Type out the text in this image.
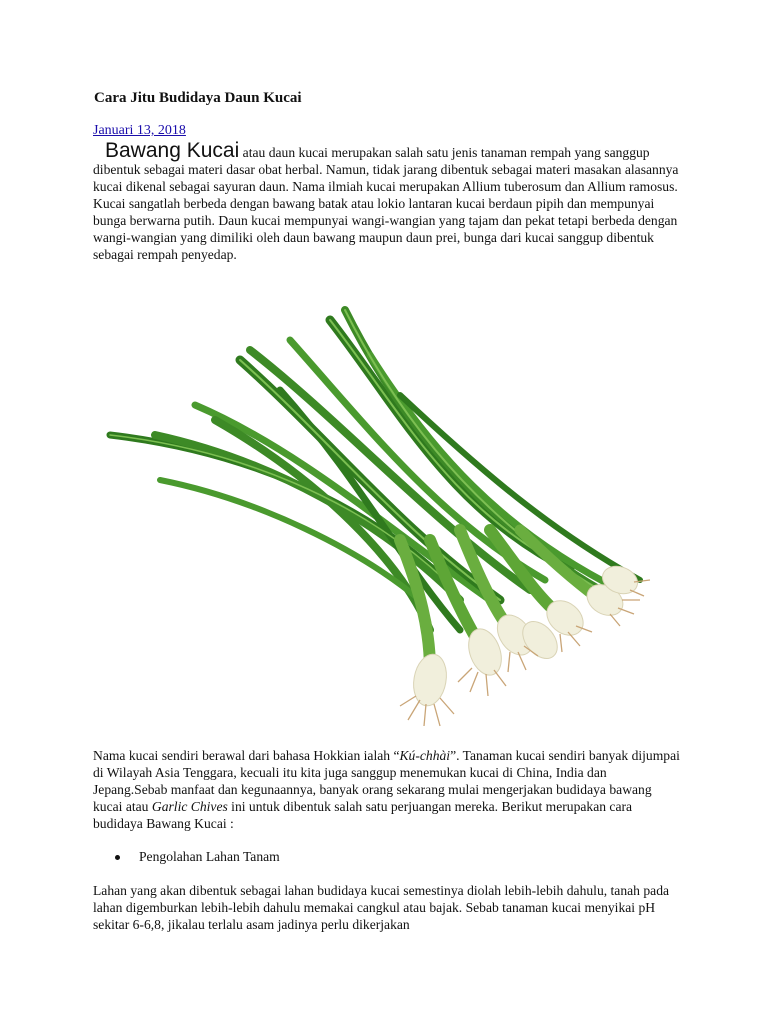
Cara Jitu Budidaya Daun Kucai
Januari 13, 2018

Bawang Kucai atau daun kucai merupakan salah satu jenis tanaman rempah yang sanggup dibentuk sebagai materi dasar obat herbal. Namun, tidak jarang dibentuk sebagai materi masakan alasannya kucai dikenal sebagai sayuran daun. Nama ilmiah kucai merupakan Allium tuberosum dan Allium ramosus. Kucai sangatlah berbeda dengan bawang batak atau lokio lantaran kucai berdaun pipih dan mempunyai bunga berwarna putih. Daun kucai mempunyai wangi-wangian yang tajam dan pekat tetapi berbeda dengan wangi-wangian yang dimiliki oleh daun bawang maupun daun prei, bunga dari kucai sanggup dibentuk sebagai rempah penyedap.

Nama kucai sendiri berawal dari bahasa Hokkian ialah “Kú-chhài”. Tanaman kucai sendiri banyak dijumpai di Wilayah Asia Tenggara, kecuali itu kita juga sanggup menemukan kucai di China, India dan Jepang.Sebab manfaat dan kegunaannya, banyak orang sekarang mulai mengerjakan budidaya bawang kucai atau Garlic Chives ini untuk dibentuk salah satu perjuangan mereka. Berikut merupakan cara budidaya Bawang Kucai :

Pengolahan Lahan Tanam

Lahan yang akan dibentuk sebagai lahan budidaya kucai semestinya diolah lebih-lebih dahulu, tanah pada lahan digemburkan lebih-lebih dahulu memakai cangkul atau bajak. Sebab tanaman kucai menyikai pH sekitar 6-6,8, jikalau terlalu asam jadinya perlu dikerjakan
